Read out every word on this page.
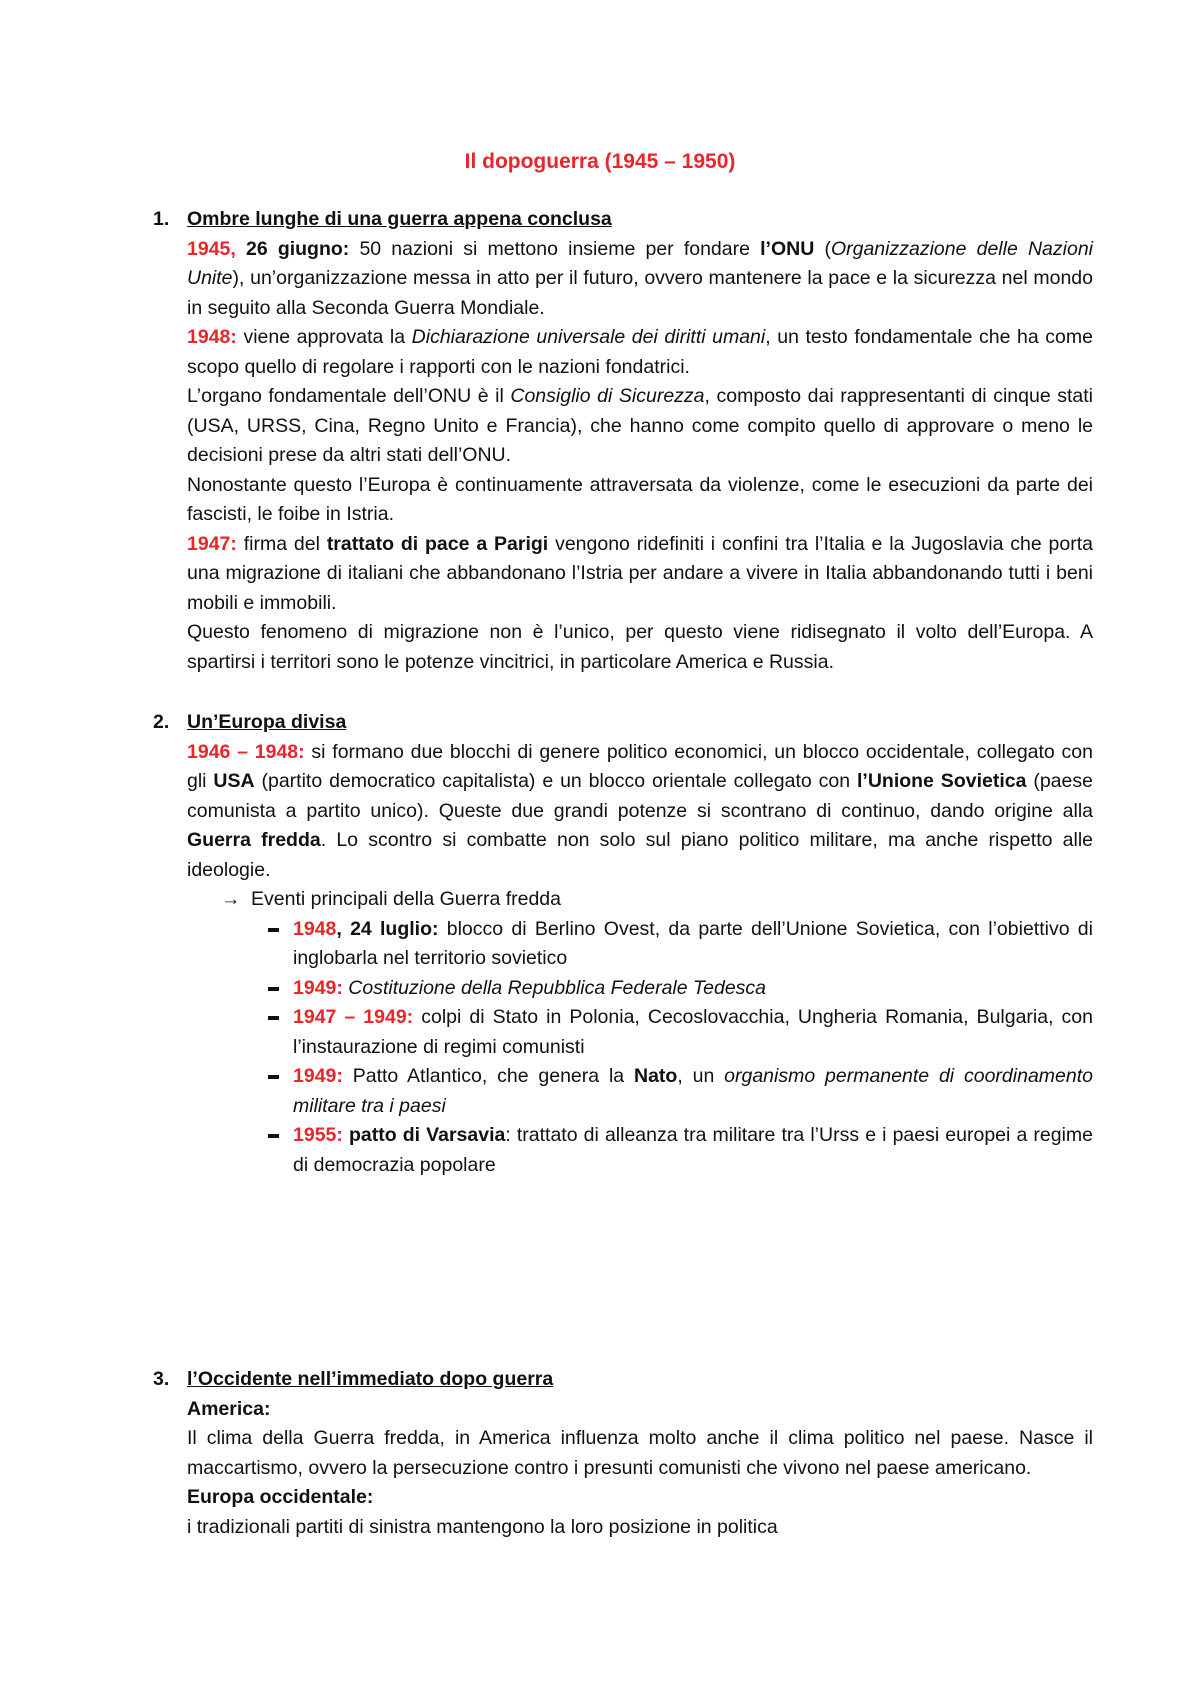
Il dopoguerra (1945 – 1950)
1. Ombre lunghe di una guerra appena conclusa

1945, 26 giugno: 50 nazioni si mettono insieme per fondare l’ONU (Organizzazione delle Nazioni Unite), un’organizzazione messa in atto per il futuro, ovvero mantenere la pace e la sicurezza nel mondo in seguito alla Seconda Guerra Mondiale.

1948: viene approvata la Dichiarazione universale dei diritti umani, un testo fondamentale che ha come scopo quello di regolare i rapporti con le nazioni fondatrici.

L’organo fondamentale dell’ONU è il Consiglio di Sicurezza, composto dai rappresentanti di cinque stati (USA, URSS, Cina, Regno Unito e Francia), che hanno come compito quello di approvare o meno le decisioni prese da altri stati dell’ONU.

Nonostante questo l’Europa è continuamente attraversata da violenze, come le esecuzioni da parte dei fascisti, le foibe in Istria.

1947: firma del trattato di pace a Parigi vengono ridefiniti i confini tra l’Italia e la Jugoslavia che porta una migrazione di italiani che abbandonano l’Istria per andare a vivere in Italia abbandonando tutti i beni mobili e immobili.

Questo fenomeno di migrazione non è l’unico, per questo viene ridisegnato il volto dell’Europa. A spartirsi i territori sono le potenze vincitrici, in particolare America e Russia.

2. Un’Europa divisa

1946 – 1948: si formano due blocchi di genere politico economici, un blocco occidentale, collegato con gli USA (partito democratico capitalista) e un blocco orientale collegato con l’Unione Sovietica (paese comunista a partito unico). Queste due grandi potenze si scontrano di continuo, dando origine alla Guerra fredda. Lo scontro si combatte non solo sul piano politico militare, ma anche rispetto alle ideologie.

→ Eventi principali della Guerra fredda
1948, 24 luglio: blocco di Berlino Ovest, da parte dell’Unione Sovietica, con l’obiettivo di inglobarla nel territorio sovietico
1949: Costituzione della Repubblica Federale Tedesca
1947 – 1949: colpi di Stato in Polonia, Cecoslovacchia, Ungheria Romania, Bulgaria, con l’instaurazione di regimi comunisti
1949: Patto Atlantico, che genera la Nato, un organismo permanente di coordinamento militare tra i paesi
1955: patto di Varsavia: trattato di alleanza tra militare tra l’Urss e i paesi europei a regime di democrazia popolare
3. l’Occidente nell’immediato dopo guerra

America:

Il clima della Guerra fredda, in America influenza molto anche il clima politico nel paese. Nasce il maccartismo, ovvero la persecuzione contro i presunti comunisti che vivono nel paese americano.

Europa occidentale:

i tradizionali partiti di sinistra mantengono la loro posizione in politica
